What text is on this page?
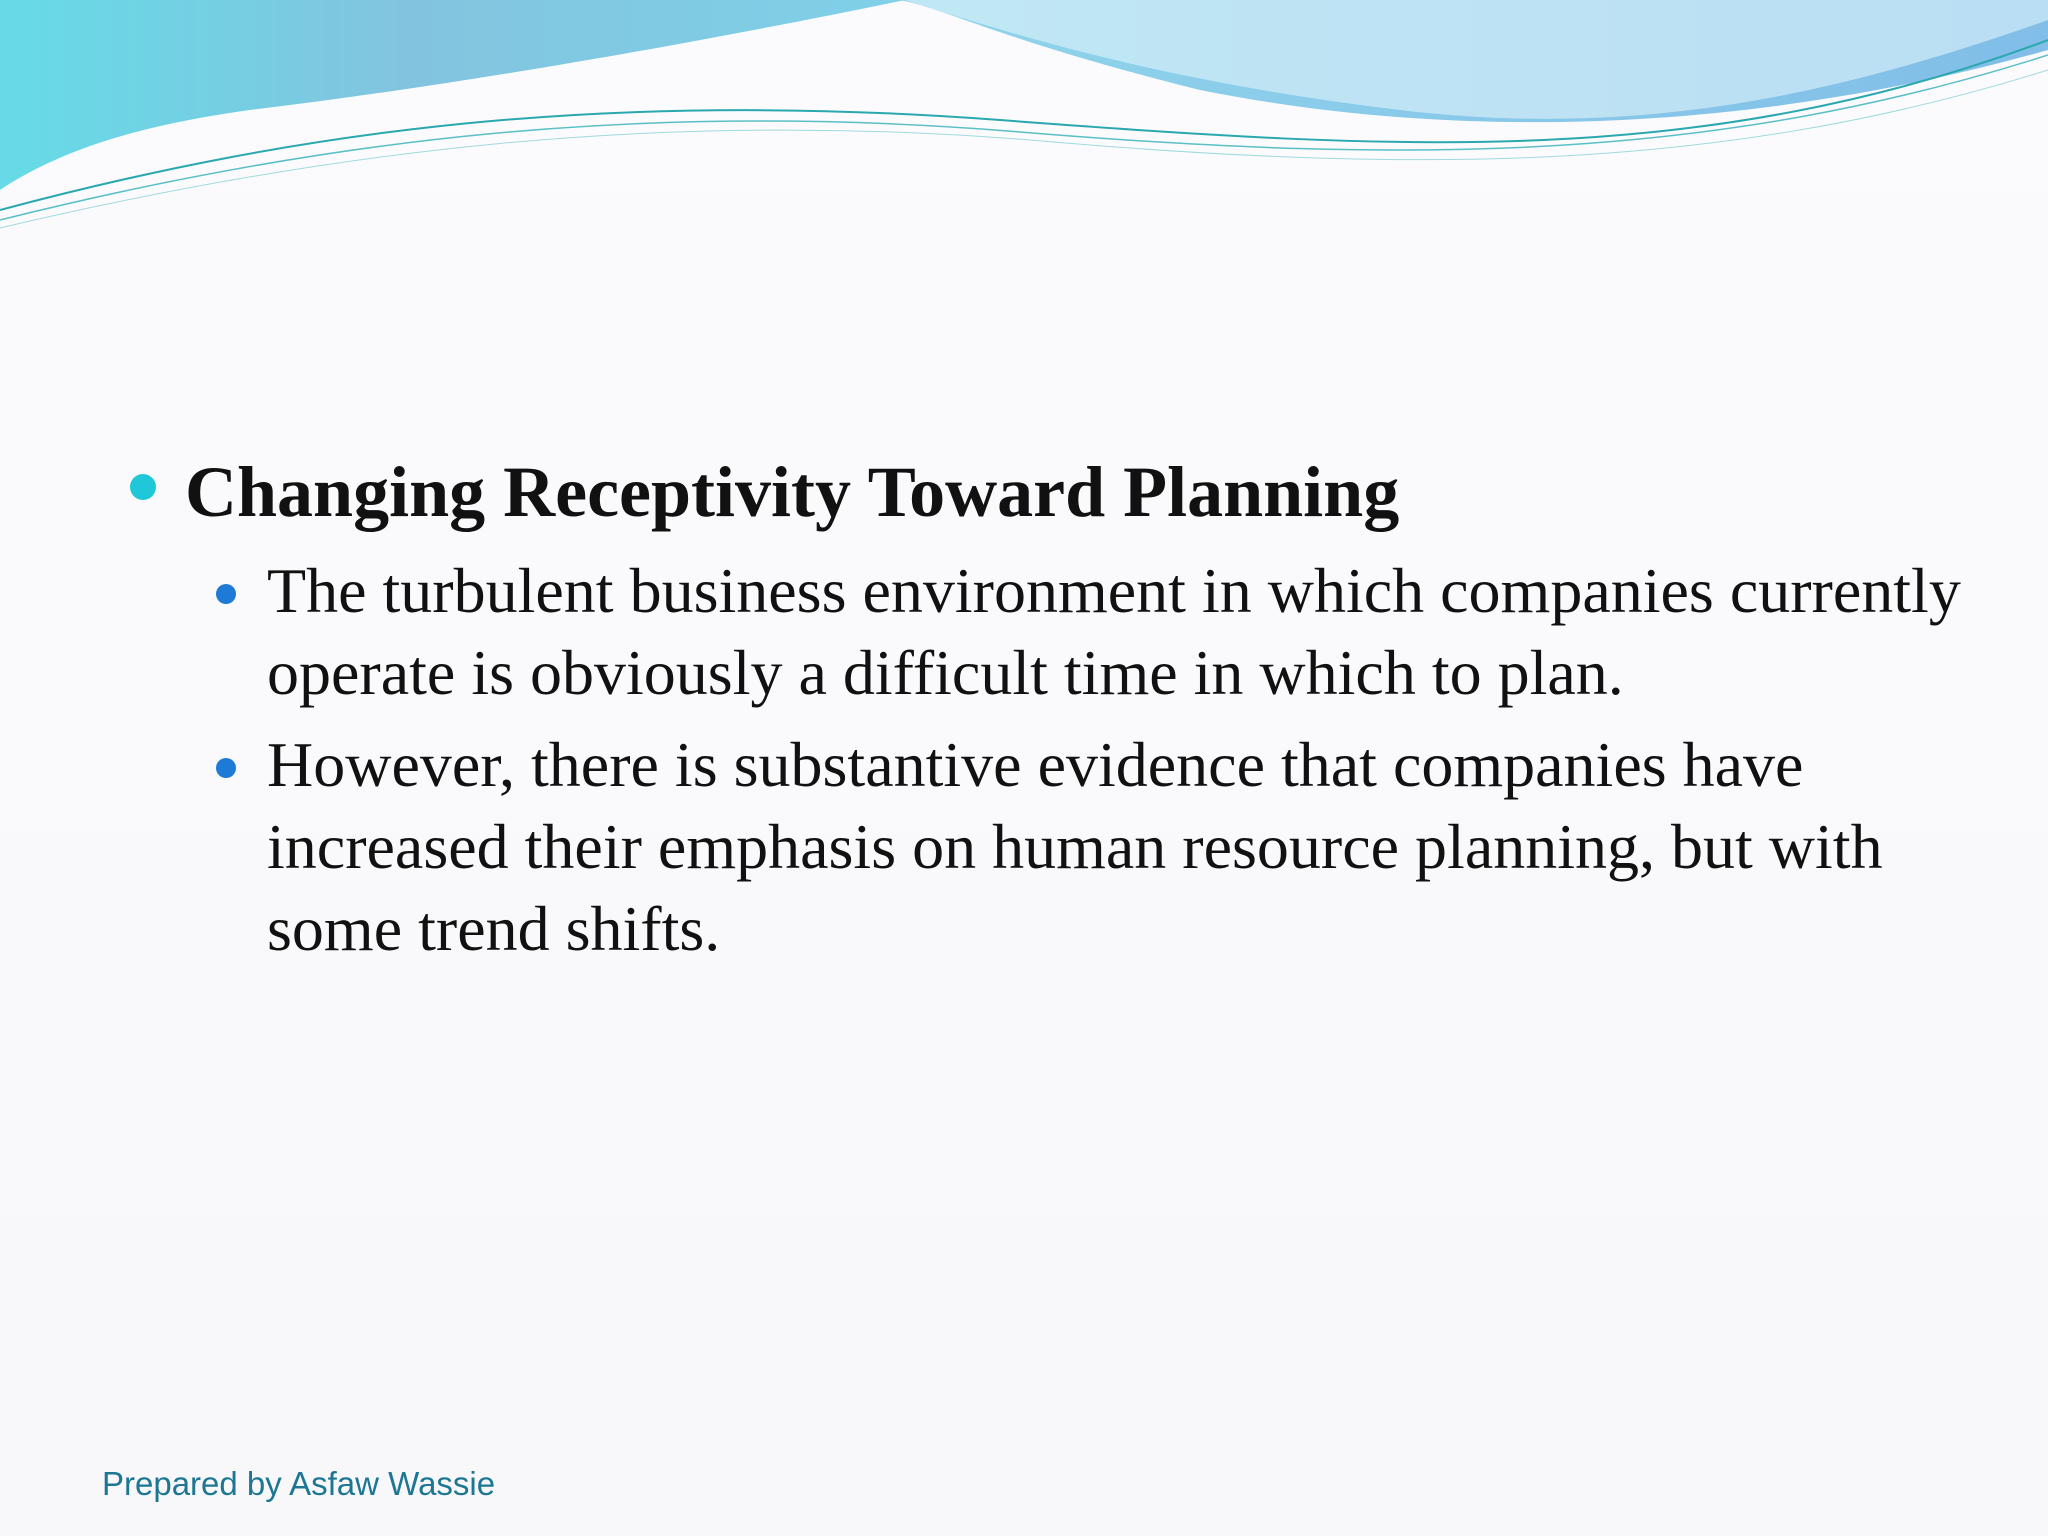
Changing Receptivity Toward Planning
The turbulent business environment in which companies currently operate is obviously a difficult time in which to plan.
However, there is substantive evidence that companies have increased their emphasis on human resource planning, but with some trend shifts.
Prepared by Asfaw Wassie
